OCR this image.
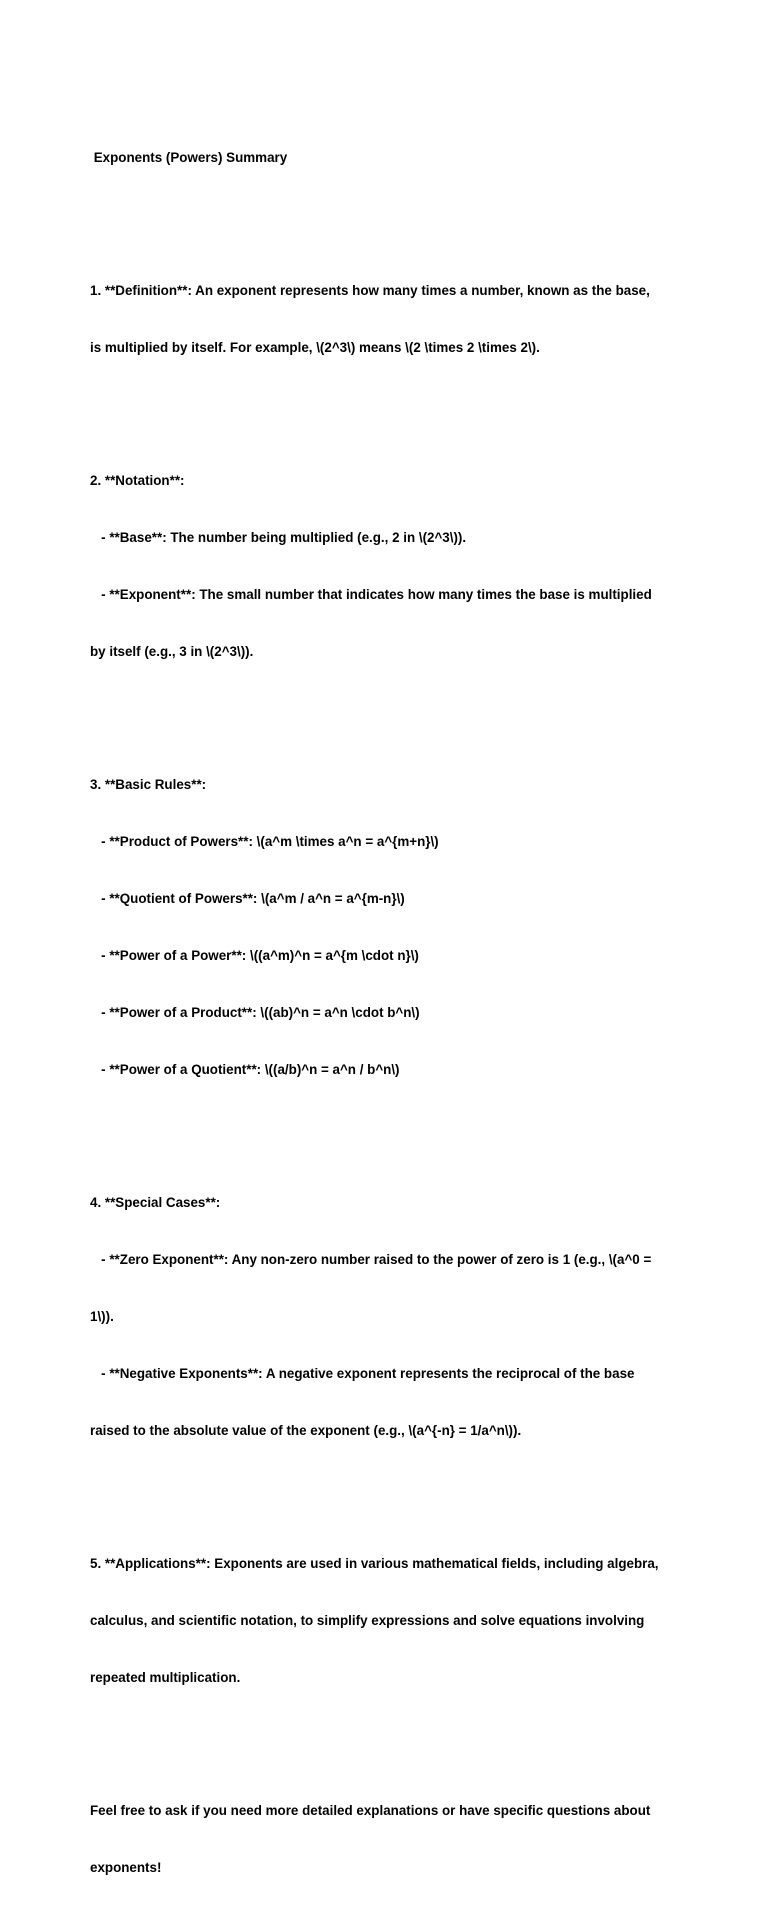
Exponents (Powers) Summary

1. **Definition**: An exponent represents how many times a number, known as the base,

is multiplied by itself. For example, \(2^3\) means \(2 \times 2 \times 2\).

2. **Notation**:

- **Base**: The number being multiplied (e.g., 2 in \(2^3\)).

- **Exponent**: The small number that indicates how many times the base is multiplied

by itself (e.g., 3 in \(2^3\)).

3. **Basic Rules**:

- **Product of Powers**: \(a^m \times a^n = a^{m+n}\)

- **Quotient of Powers**: \(a^m / a^n = a^{m-n}\)

- **Power of a Power**: \((a^m)^n = a^{m \cdot n}\)

- **Power of a Product**: \((ab)^n = a^n \cdot b^n\)

- **Power of a Quotient**: \((a/b)^n = a^n / b^n\)

4. **Special Cases**:

- **Zero Exponent**: Any non-zero number raised to the power of zero is 1 (e.g., \(a^0 =

1\)).

- **Negative Exponents**: A negative exponent represents the reciprocal of the base

raised to the absolute value of the exponent (e.g., \(a^{-n} = 1/a^n\)).

5. **Applications**: Exponents are used in various mathematical fields, including algebra,

calculus, and scientific notation, to simplify expressions and solve equations involving

repeated multiplication.

Feel free to ask if you need more detailed explanations or have specific questions about

exponents!
